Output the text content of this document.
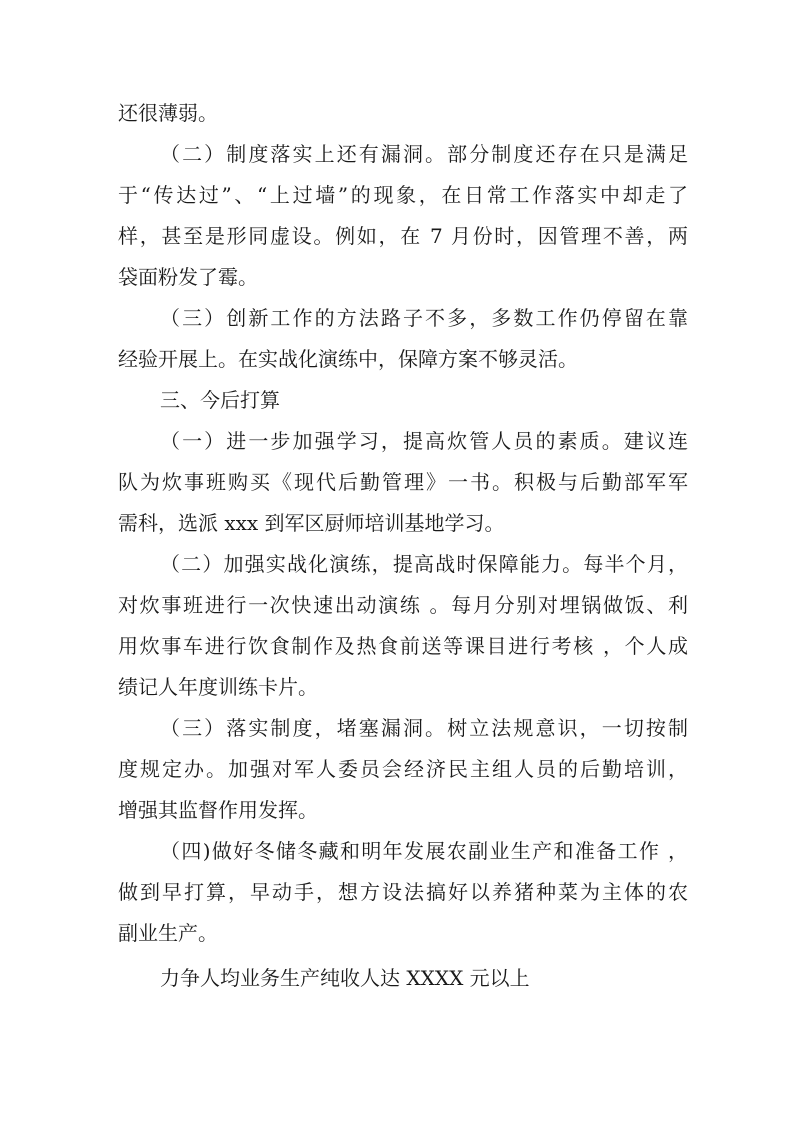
还很薄弱。
（二）制度落实上还有漏洞。部分制度还存在只是满足
于“传达过”、“上过墙”的现象，在日常工作落实中却走了
样，甚至是形同虚设。例如，在 7 月份时，因管理不善，两
袋面粉发了霉。
（三）创新工作的方法路子不多，多数工作仍停留在靠
经验开展上。在实战化演练中，保障方案不够灵活。
三、今后打算
（一）进一步加强学习，提高炊管人员的素质。建议连
队为炊事班购买《现代后勤管理》一书。积极与后勤部军军
需科，选派 xxx 到军区厨师培训基地学习。
（二）加强实战化演练，提高战时保障能力。每半个月，
对炊事班进行一次快速出动演练 。每月分别对埋锅做饭、利
用炊事车进行饮食制作及热食前送等课目进行考核 ，个人成
绩记人年度训练卡片。
（三）落实制度，堵塞漏洞。树立法规意识，一切按制
度规定办。加强对军人委员会经济民主组人员的后勤培训，
增强其监督作用发挥。
（四)做好冬储冬藏和明年发展农副业生产和准备工作 ，
做到早打算，早动手，想方设法搞好以养猪种菜为主体的农
副业生产。
力争人均业务生产纯收人达 XXXX 元以上
